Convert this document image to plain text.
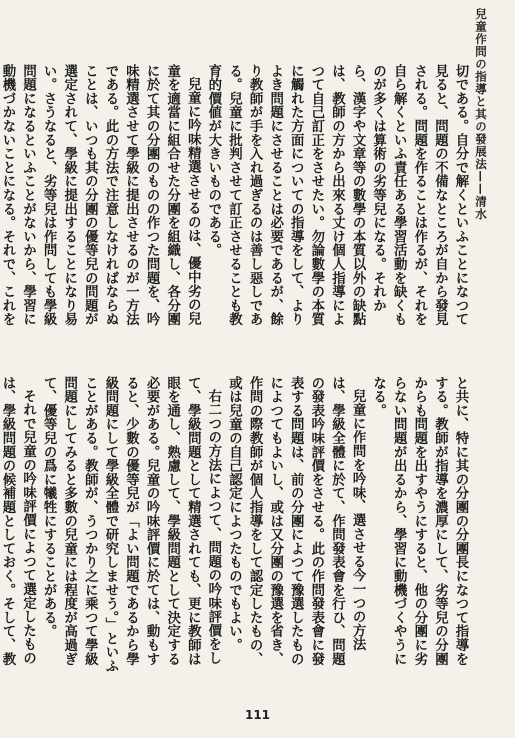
兒童作問の指導と其の發展法——清水

切である。自分で解くといふことになつて見ると、問題の不備なところが自から發見される。問題を作ることは作るが、それを自ら解くといふ責任ある學習活動を缺くものが多くは算術の劣等兒になる。それから、漢字や文章等の數學の本質以外の缺點は、教師の方から出來る丈け個人指導によつて自己訂正をさせたい。勿論數學の本質に觸れた方面についての指導をして、よりよき問題にさせることは必要であるが、餘り教師が手を入れ過ぎるのは善し惡しである。兒童に批判させて訂正させることも教育的價値が大きいものである。

兒童に吟味精選させるのは、優中劣の兒童を適當に組合せた分團を組織し、各分團に於て其の分團のものの作つた問題を、吟味精選させて學級に提出させるのが一方法である。此の方法で注意しなければならぬことは、いつも其の分團の優等兒の問題が選定されて、學級に提出することになり易い。さうなると、劣等兒は作問しても學級問題になるといふことがないから、學習に動機づかないことになる。それで、これを

と共に、特に其の分團の分團長になつて指導をする。教師が指導を濃厚にして、劣等兒の分團からも問題を出すやうにすると、他の分團に劣らない問題が出るから、學習に動機づくやうになる。

兒童に作問を吟味、選させる今一つの方法は、學級全體に於て、作問發表會を行ひ、問題の發表吟味評價をさせる。此の作問發表會に發表する問題は、前の分團によつて豫選したものによつてもよいし、或は又分團の豫選を省き、作問の際教師が個人指導をして認定したもの、或は兒童の自己認定によつたものでもよい。

右二つの方法によつて、問題の吟味評價をして、學級問題として精選されても、更に教師は眼を通し、熟慮して、學級問題として決定する必要がある。兒童の吟味評價に於ては、動もすると、少數の優等兒が「よい問題であるから學級問題にして學級全體で研究しませう。」といふことがある。教師が、うつかり之に乘つて學級問題にしてみると多數の兒童には程度が高過ぎて、優等兒の爲に犧牲にすることがある。

それで兒童の吟味評價によつて選定したものは、學級問題の候補題としておく。そして、教

111
